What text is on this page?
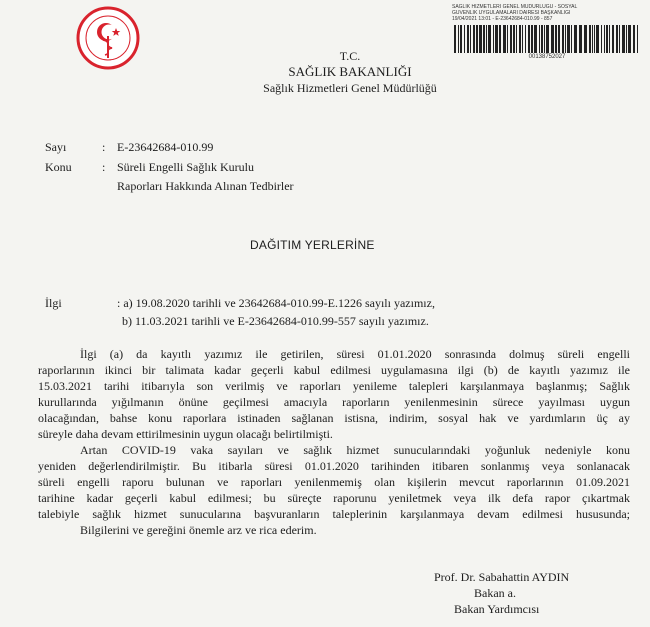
SAĞLIK HİZMETLERİ GENEL MÜDÜRLÜĞÜ - SOSYAL
GÜVENLİK UYGULAMALARI DAİRESİ BAŞKANLIĞI
19/04/2021 13:01 - E-23642684-010.99 - 857
00138752027
T.C.
SAĞLIK BAKANLIĞI
Sağlık Hizmetleri Genel Müdürlüğü
Sayı	: E-23642684-010.99
Konu	: Süreli Engelli Sağlık Kurulu
Raporları Hakkında Alınan Tedbirler
DAĞITIM YERLERİNE
İlgi	: a) 19.08.2020 tarihli ve 23642684-010.99-E.1226 sayılı yazımız,
b) 11.03.2021 tarihli ve E-23642684-010.99-557 sayılı yazımız.
İlgi (a) da kayıtlı yazımız ile getirilen, süresi 01.01.2020 sonrasında dolmuş süreli engelli
raporlarının ikinci bir talimata kadar geçerli kabul edilmesi uygulamasına ilgi (b) de kayıtlı yazımız ile
15.03.2021 tarihi itibarıyla son verilmiş ve raporları yenileme talepleri karşılanmaya başlanmış; Sağlık
kurullarında yığılmanın önüne geçilmesi amacıyla raporların yenilenmesinin sürece yayılması uygun
olacağından, bahse konu raporlara istinaden sağlanan istisna, indirim, sosyal hak ve yardımların üç ay
süreyle daha devam ettirilmesinin uygun olacağı belirtilmişti.
Artan COVID-19 vaka sayıları ve sağlık hizmet sunucularındaki yoğunluk nedeniyle konu
yeniden değerlendirilmiştir. Bu itibarla süresi 01.01.2020 tarihinden itibaren sonlanmış veya sonlanacak
süreli engelli raporu bulunan ve raporları yenilenmemiş olan kişilerin mevcut raporlarının 01.09.2021
tarihine kadar geçerli kabul edilmesi; bu süreçte raporunu yeniletmek veya ilk defa rapor çıkartmak
talebiyle sağlık hizmet sunucularına başvuranların taleplerinin karşılanmaya devam edilmesi hususunda;
Bilgilerini ve gereğini önemle arz ve rica ederim.
Prof. Dr. Sabahattin AYDIN
Bakan a.
Bakan Yardımcısı
